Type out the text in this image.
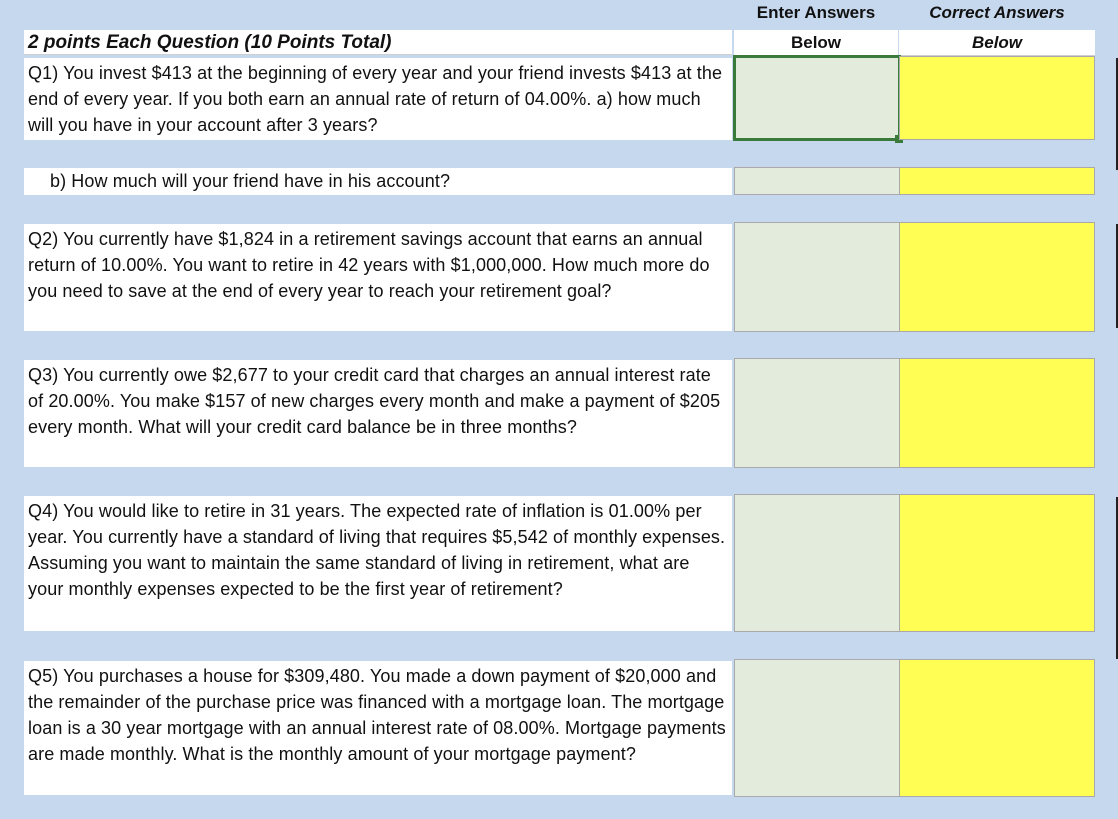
Enter Answers	Correct Answers
Below	Below
2 points Each Question (10 Points Total)
Q1) You invest $413 at the beginning of every year and your friend invests $413 at the end of every year. If you both earn an annual rate of return of 04.00%. a) how much will you have in your account after 3 years?
b) How much will your friend have in his account?
Q2) You currently have $1,824 in a retirement savings account that earns an annual return of 10.00%. You want to retire in 42 years with $1,000,000. How much more do you need to save at the end of every year to reach your retirement goal?
Q3) You currently owe $2,677 to your credit card that charges an annual interest rate of 20.00%. You make $157 of new charges every month and make a payment of $205 every month. What will your credit card balance be in three months?
Q4) You would like to retire in 31 years. The expected rate of inflation is 01.00% per year. You currently have a standard of living that requires $5,542 of monthly expenses. Assuming you want to maintain the same standard of living in retirement, what are your monthly expenses expected to be the first year of retirement?
Q5) You purchases a house for $309,480. You made a down payment of $20,000 and the remainder of the purchase price was financed with a mortgage loan. The mortgage loan is a 30 year mortgage with an annual interest rate of 08.00%. Mortgage payments are made monthly. What is the monthly amount of your mortgage payment?
